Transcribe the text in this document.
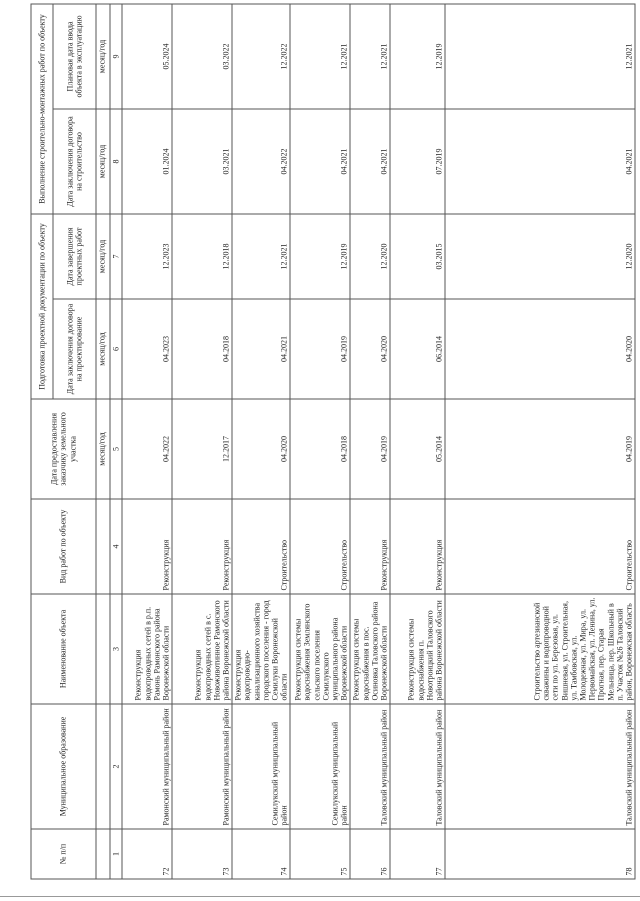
№ п/п	Муниципальное образование	Наименование объекта	Вид работ по объекту	Дата предоставления заказчику земельного участка	Подготовка проектной документации по объекту		Выполнение строительно-монтажных работ по объекту	
					Дата заключения договора на проектирование	Дата завершения проектных работ	Дата заключения договора на строительство	Плановая дата ввода объекта в эксплуатацию
				месяц/год	месяц/год	месяц/год	месяц/год	месяц/год
1	2	3	4	5	6	7	8	9
72	Рамонский муниципальный район	Реконструкция водопроводных сетей в р.п. Рамонь Рамонского района Воронежской области	Реконструкция	04.2022	04.2023	12.2023	01.2024	05.2024
73	Рамонский муниципальный район	Реконструкция водопроводных сетей в с. Новоживотинное Рамонского района Воронежской области	Реконструкция	12.2017	04.2018	12.2018	03.2021	03.2022
74	Семилукский муниципальный район	Реконструкция водопроводно-канализационного хозяйства городского поселения - город Семилуки Воронежской области	Строительство	04.2020	04.2021	12.2021	04.2022	12.2022
75	Семилукский муниципальный район	Реконструкция системы водоснабжения Землянского сельского поселения Семилукского муниципального района Воронежской области	Строительство	04.2018	04.2019	12.2019	04.2021	12.2021
76	Таловский муниципальный район	Реконструкция системы водоснабжения в пос. Осиновка Таловского района Воронежской области	Реконструкция	04.2019	04.2020	12.2020	04.2021	12.2021
77	Таловский муниципальный район	Реконструкция системы водоснабжения п. Новотроицкий Таловского района Воронежской области	Реконструкция	05.2014	06.2014	03.2015	07.2019	12.2019
78	Таловский муниципальный район	Строительство артезианской скважины и водопроводной сети по ул. Березовая, ул. Вишневая, ул. Строительная, ул. Тамбовская, ул. Молодежная, ул. Мира, ул. Первомайская, ул. Ленина, ул. Прогная, пер. Старая Мельница, пер. Школьный в п. Участок №26 Таловский район, Воронежская область	Строительство	04.2019	04.2020	12.2020	04.2021	12.2021
